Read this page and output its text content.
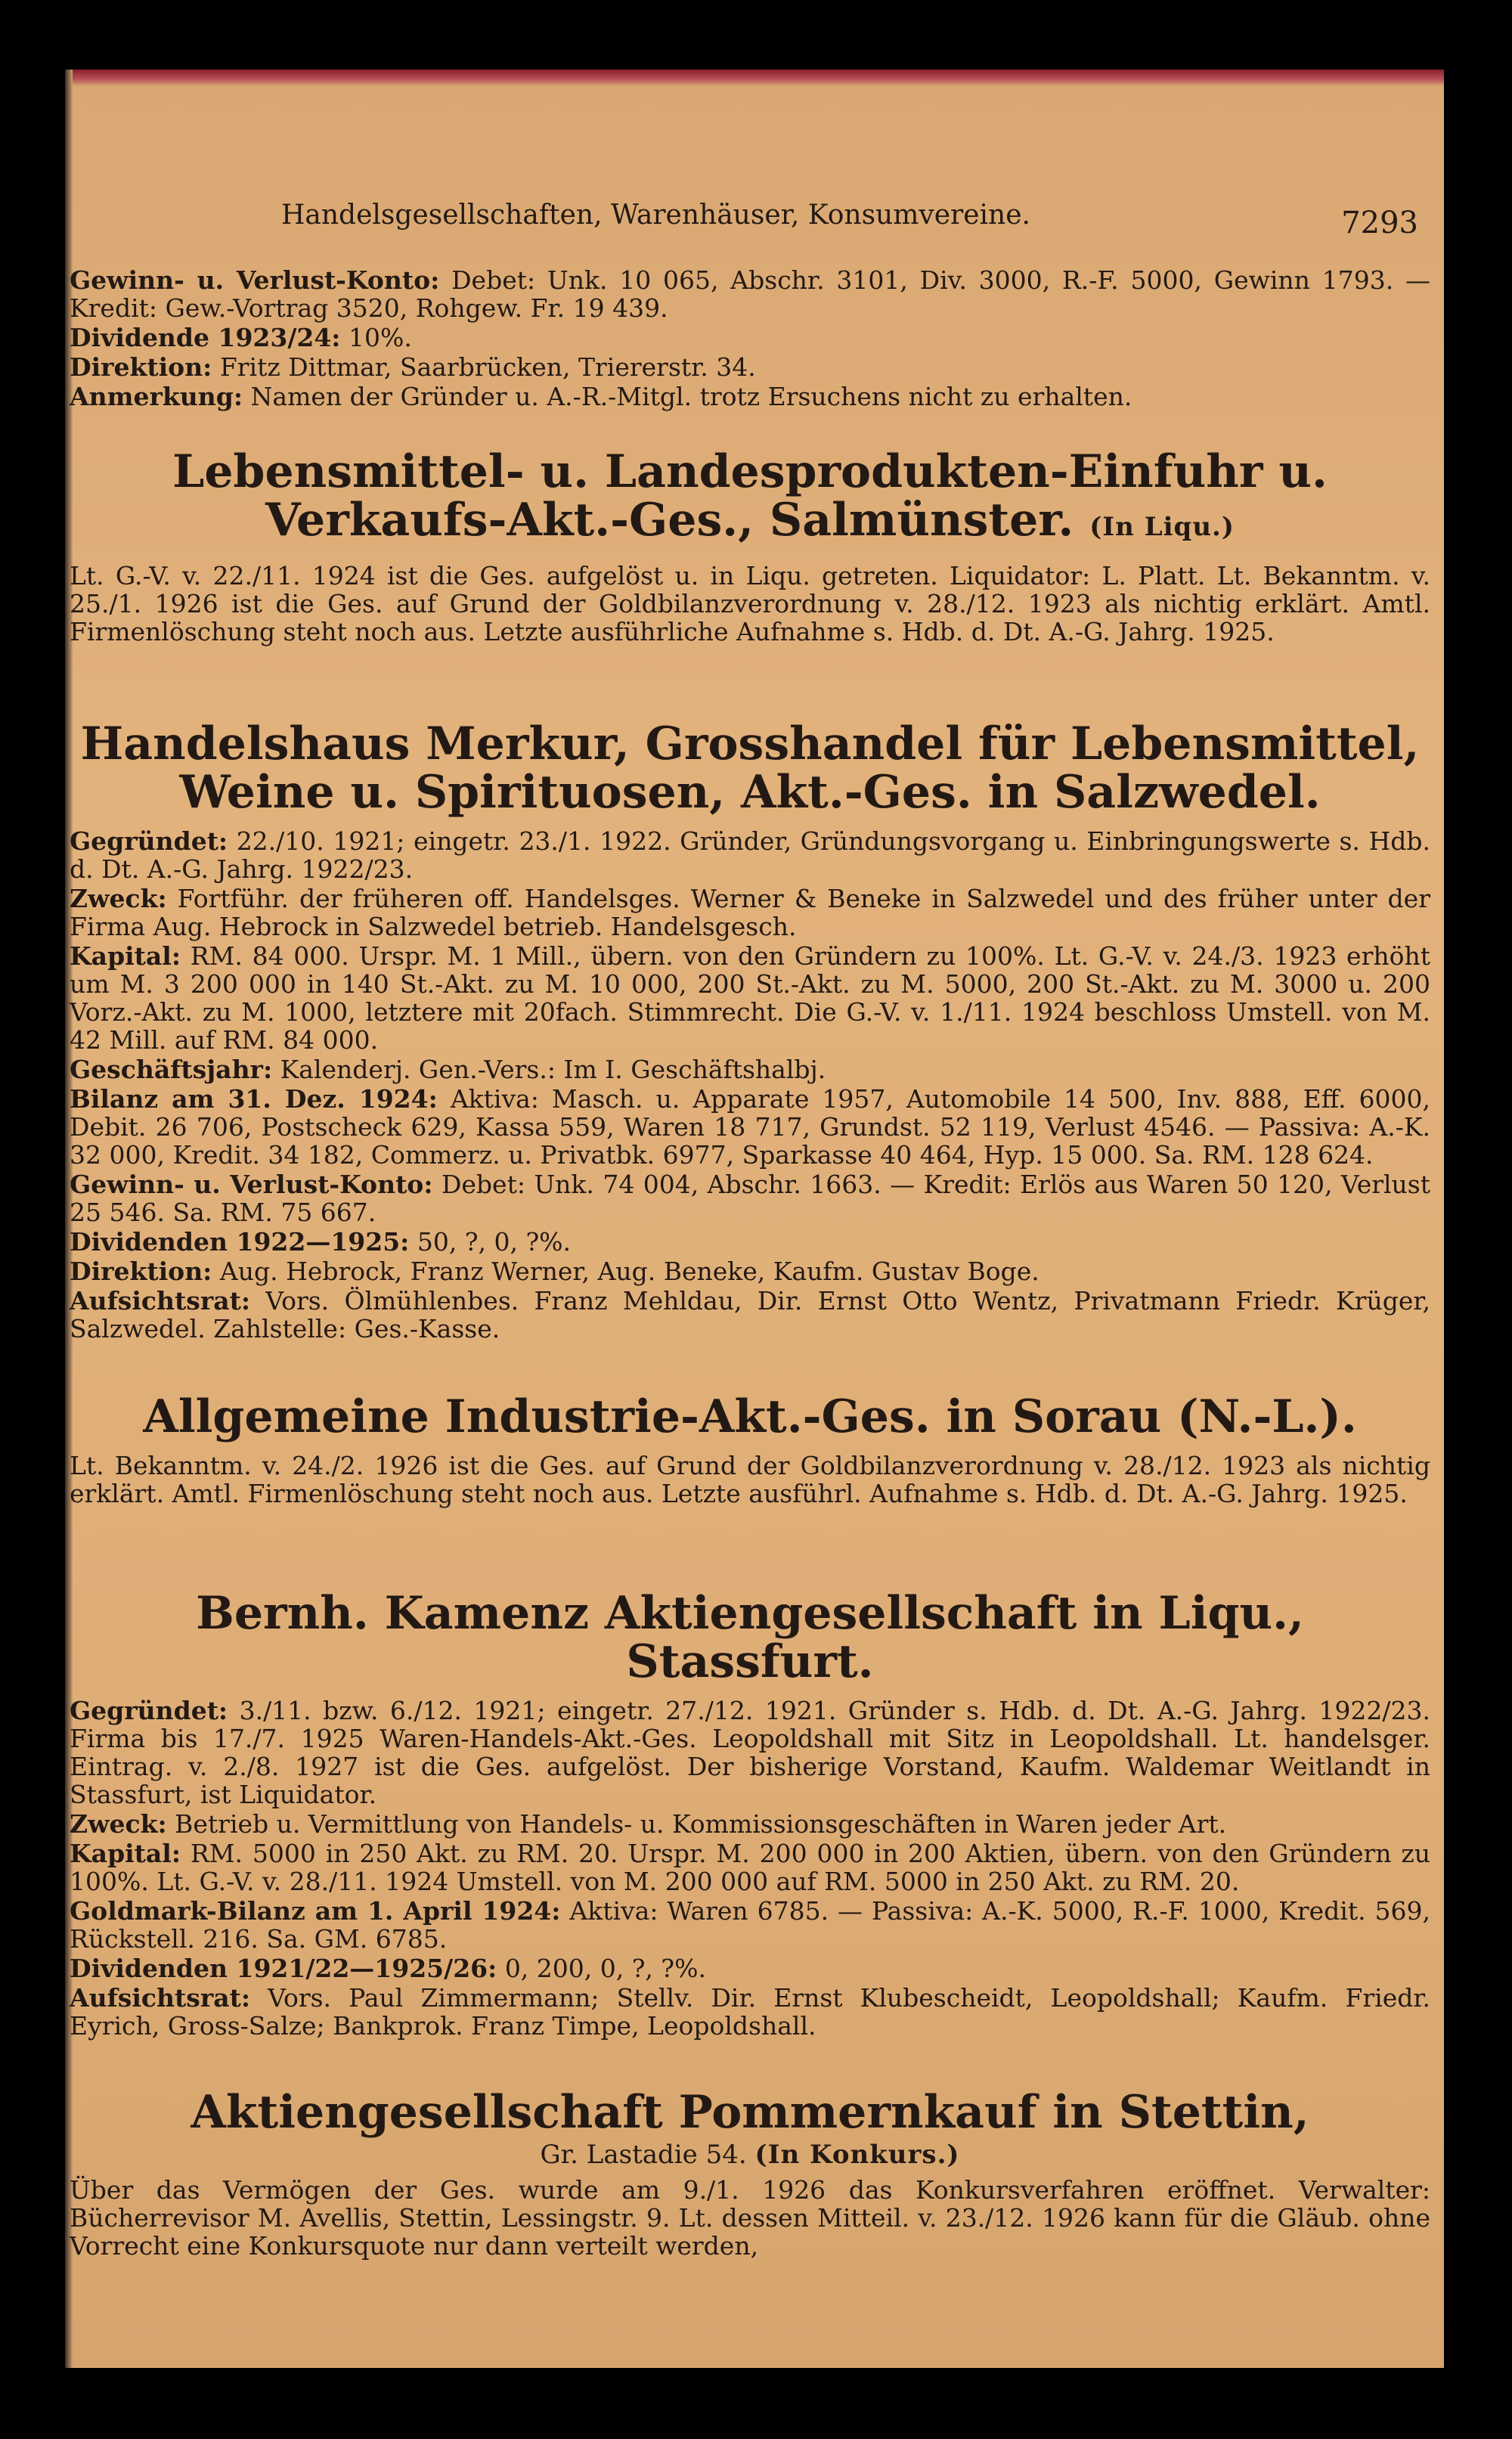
Handelsgesellschaften, Warenhäuser, Konsumvereine.	7293

Gewinn- u. Verlust-Konto: Debet: Unk. 10 065, Abschr. 3101, Div. 3000, R.-F. 5000, Gewinn 1793. — Kredit: Gew.-Vortrag 3520, Rohgew. Fr. 19 439.

Dividende 1923/24: 10%.

Direktion: Fritz Dittmar, Saarbrücken, Triererstr. 34.

Anmerkung: Namen der Gründer u. A.-R.-Mitgl. trotz Ersuchens nicht zu erhalten.

Lebensmittel- u. Landesprodukten-Einfuhr u. Verkaufs-Akt.-Ges., Salmünster. (In Liqu.)

Lt. G.-V. v. 22./11. 1924 ist die Ges. aufgelöst u. in Liqu. getreten. Liquidator: L. Platt. Lt. Bekanntm. v. 25./1. 1926 ist die Ges. auf Grund der Goldbilanzverordnung v. 28./12. 1923 als nichtig erklärt. Amtl. Firmenlöschung steht noch aus. Letzte ausführliche Aufnahme s. Hdb. d. Dt. A.-G. Jahrg. 1925.

Handelshaus Merkur, Grosshandel für Lebensmittel, Weine u. Spirituosen, Akt.-Ges. in Salzwedel.

Gegründet: 22./10. 1921; eingetr. 23./1. 1922. Gründer, Gründungsvorgang u. Einbringungswerte s. Hdb. d. Dt. A.-G. Jahrg. 1922/23.

Zweck: Fortführ. der früheren off. Handelsges. Werner & Beneke in Salzwedel und des früher unter der Firma Aug. Hebrock in Salzwedel betrieb. Handelsgesch.

Kapital: RM. 84 000. Urspr. M. 1 Mill., übern. von den Gründern zu 100%. Lt. G.-V. v. 24./3. 1923 erhöht um M. 3 200 000 in 140 St.-Akt. zu M. 10 000, 200 St.-Akt. zu M. 5000, 200 St.-Akt. zu M. 3000 u. 200 Vorz.-Akt. zu M. 1000, letztere mit 20fach. Stimmrecht. Die G.-V. v. 1./11. 1924 beschloss Umstell. von M. 42 Mill. auf RM. 84 000.

Geschäftsjahr: Kalenderj. Gen.-Vers.: Im I. Geschäftshalbj.

Bilanz am 31. Dez. 1924: Aktiva: Masch. u. Apparate 1957, Automobile 14 500, Inv. 888, Eff. 6000, Debit. 26 706, Postscheck 629, Kassa 559, Waren 18 717, Grundst. 52 119, Verlust 4546. — Passiva: A.-K. 32 000, Kredit. 34 182, Commerz. u. Privatbk. 6977, Sparkasse 40 464, Hyp. 15 000. Sa. RM. 128 624.

Gewinn- u. Verlust-Konto: Debet: Unk. 74 004, Abschr. 1663. — Kredit: Erlös aus Waren 50 120, Verlust 25 546. Sa. RM. 75 667.

Dividenden 1922—1925: 50, ?, 0, ?%.

Direktion: Aug. Hebrock, Franz Werner, Aug. Beneke, Kaufm. Gustav Boge.

Aufsichtsrat: Vors. Ölmühlenbes. Franz Mehldau, Dir. Ernst Otto Wentz, Privatmann Friedr. Krüger, Salzwedel. Zahlstelle: Ges.-Kasse.

Allgemeine Industrie-Akt.-Ges. in Sorau (N.-L.).

Lt. Bekanntm. v. 24./2. 1926 ist die Ges. auf Grund der Goldbilanzverordnung v. 28./12. 1923 als nichtig erklärt. Amtl. Firmenlöschung steht noch aus. Letzte ausführl. Aufnahme s. Hdb. d. Dt. A.-G. Jahrg. 1925.

Bernh. Kamenz Aktiengesellschaft in Liqu., Stassfurt.

Gegründet: 3./11. bzw. 6./12. 1921; eingetr. 27./12. 1921. Gründer s. Hdb. d. Dt. A.-G. Jahrg. 1922/23. Firma bis 17./7. 1925 Waren-Handels-Akt.-Ges. Leopoldshall mit Sitz in Leopoldshall. Lt. handelsger. Eintrag. v. 2./8. 1927 ist die Ges. aufgelöst. Der bisherige Vorstand, Kaufm. Waldemar Weitlandt in Stassfurt, ist Liquidator.

Zweck: Betrieb u. Vermittlung von Handels- u. Kommissionsgeschäften in Waren jeder Art.

Kapital: RM. 5000 in 250 Akt. zu RM. 20. Urspr. M. 200 000 in 200 Aktien, übern. von den Gründern zu 100%. Lt. G.-V. v. 28./11. 1924 Umstell. von M. 200 000 auf RM. 5000 in 250 Akt. zu RM. 20.

Goldmark-Bilanz am 1. April 1924: Aktiva: Waren 6785. — Passiva: A.-K. 5000, R.-F. 1000, Kredit. 569, Rückstell. 216. Sa. GM. 6785.

Dividenden 1921/22—1925/26: 0, 200, 0, ?, ?%.

Aufsichtsrat: Vors. Paul Zimmermann; Stellv. Dir. Ernst Klubescheidt, Leopoldshall; Kaufm. Friedr. Eyrich, Gross-Salze; Bankprok. Franz Timpe, Leopoldshall.

Aktiengesellschaft Pommernkauf in Stettin,

Gr. Lastadie 54. (In Konkurs.)

Über das Vermögen der Ges. wurde am 9./1. 1926 das Konkursverfahren eröffnet. Verwalter: Bücherrevisor M. Avellis, Stettin, Lessingstr. 9. Lt. dessen Mitteil. v. 23./12. 1926 kann für die Gläub. ohne Vorrecht eine Konkursquote nur dann verteilt werden,
